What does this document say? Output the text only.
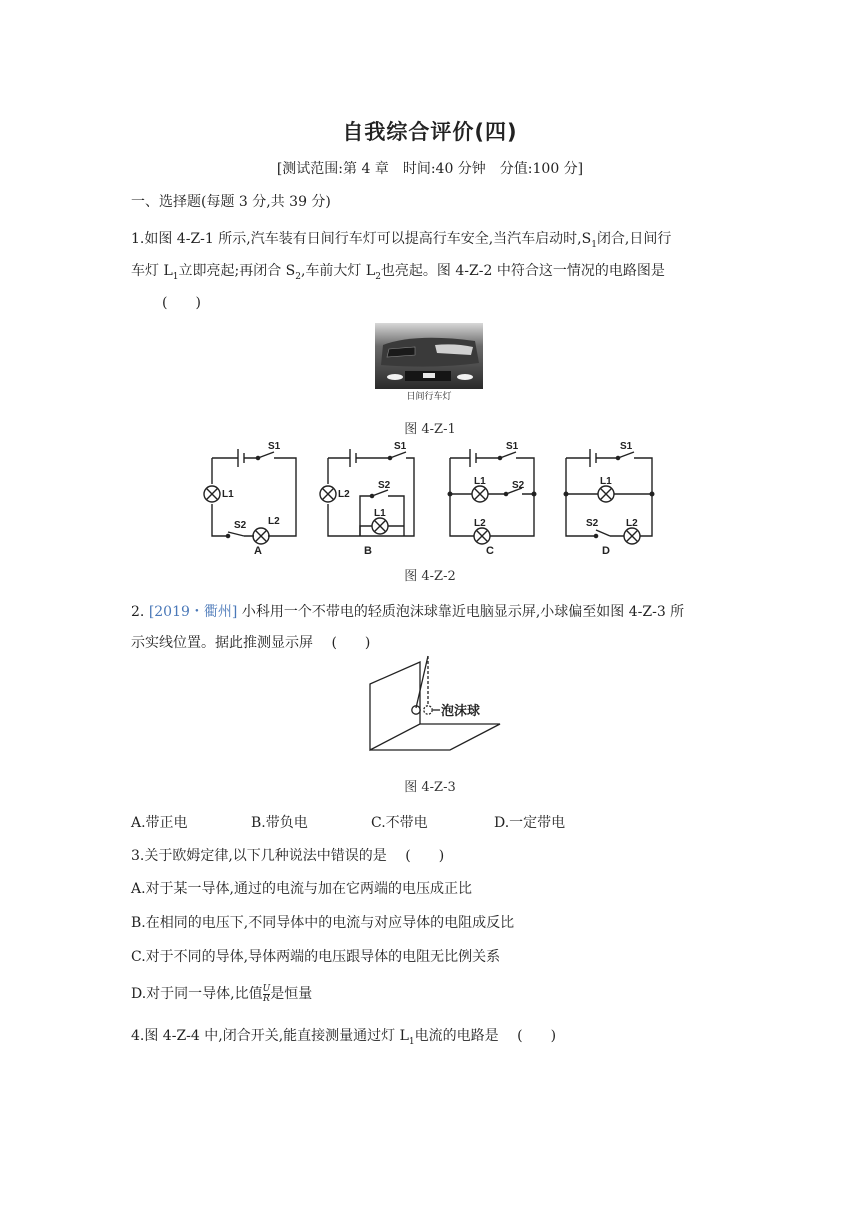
自我综合评价(四)
[测试范围:第 4 章　时间:40 分钟　分值:100 分]
一、选择题(每题 3 分,共 39 分)
1.如图 4-Z-1 所示,汽车装有日间行车灯可以提高行车安全,当汽车启动时$,S_1$闭合,日间行
车灯 $L_1$立即亮起;再闭合 $S_2$,车前大灯 $L_2$也亮起。图 4-Z-2 中符合这一情况的电路图是
(　　)
日间行车灯
图 4-Z-1
S1
L1
S2 L2
A
S1
L2
S2
L1
B
S1
L1	S2
L2
C
S1
L1
S2	L2
D
图 4-Z-2
2. [2019・衢州] 小科用一个不带电的轻质泡沫球靠近电脑显示屏,小球偏至如图 4-Z-3 所
示实线位置。据此推测显示屏　 (　　)
泡沫球
图 4-Z-3
A.带正电	B.带负电	C.不带电	D.一定带电
3.关于欧姆定律,以下几种说法中错误的是　 (　　)
A.对于某一导体,通过的电流与加在它两端的电压成正比
B.在相同的电压下,不同导体中的电流与对应导体的电阻成反比
C.对于不同的导体,导体两端的电压跟导体的电阻无比例关系
D.对于同一导体,比值 $\frac{U}{R}$ 是恒量
4.图 4-Z-4 中,闭合开关,能直接测量通过灯 $L_1$电流的电路是　 (　　)
